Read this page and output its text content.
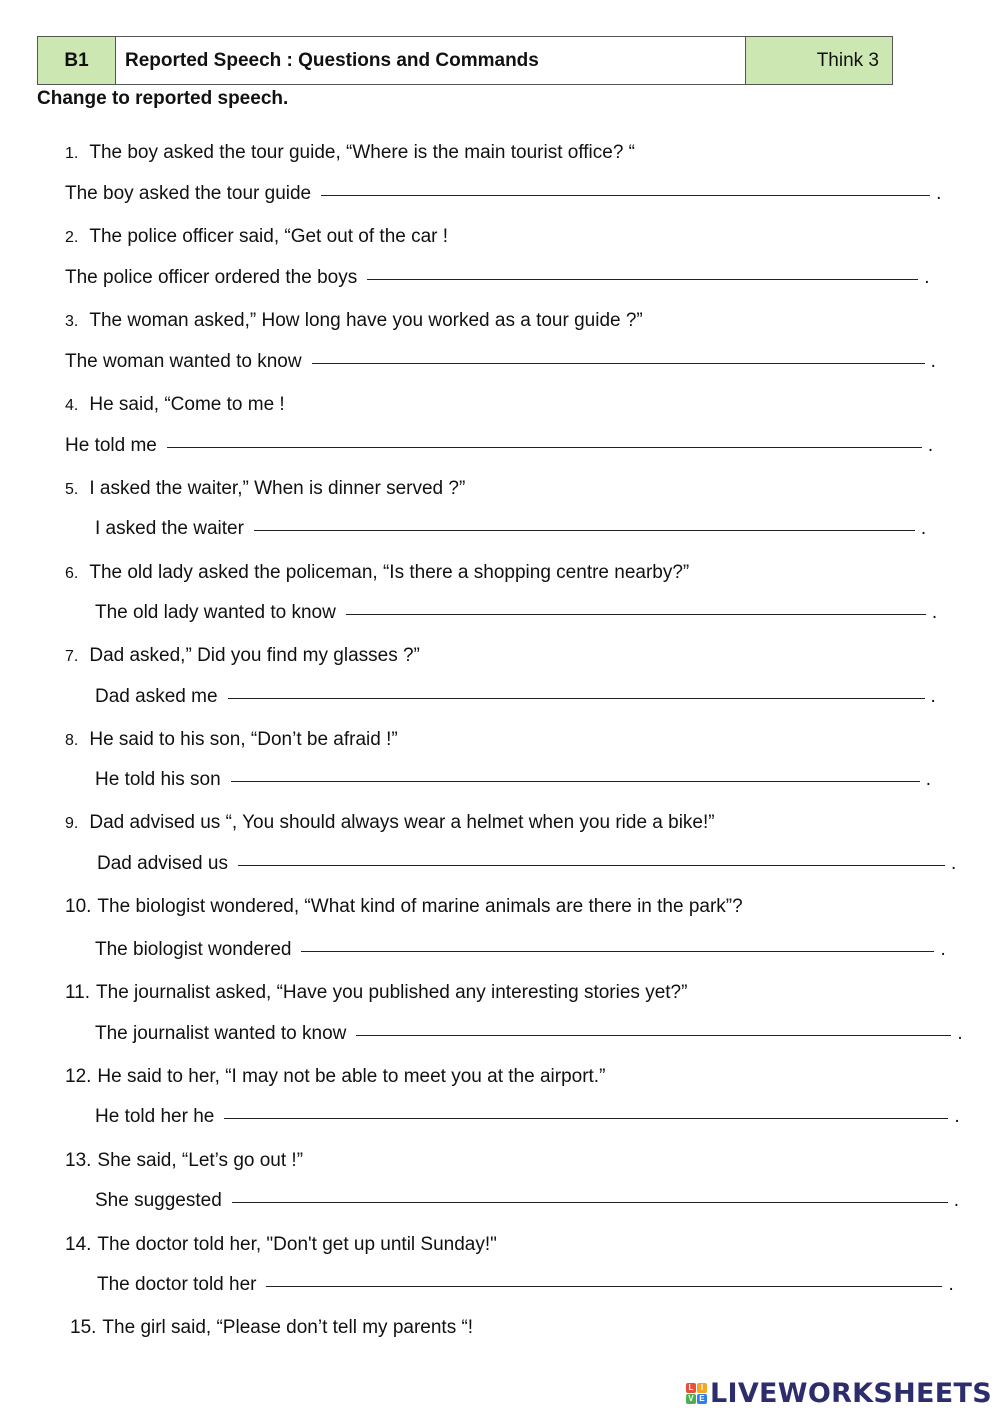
B1	Reported Speech : Questions and Commands	Think 3
Change to reported speech.
1. The boy asked the tour guide, “Where is the main tourist office? “
The boy asked the tour guide	.
2. The police officer said, “Get out of the car !
The police officer ordered the boys	.
3. The woman asked,” How long have you worked as a tour guide ?”
The woman wanted to know	.
4. He said, “Come to me !
He told me	.
5. I asked the waiter,” When is dinner served ?”
I asked the waiter	.
6. The old lady asked the policeman, “Is there a shopping centre nearby?”
The old lady wanted to know	.
7. Dad asked,” Did you find my glasses ?”
Dad asked me	.
8. He said to his son, “Don’t be afraid !”
He told his son	.
9. Dad advised us “, You should always wear a helmet when you ride a bike!”
Dad advised us	.
10. The biologist wondered, “What kind of marine animals are there in the park”?
The biologist wondered	.
11. The journalist asked, “Have you published any interesting stories yet?”
The journalist wanted to know	.
12. He said to her, “I may not be able to meet you at the airport.”
He told her he	.
13. She said, “Let’s go out !”
She suggested	.
14. The doctor told her, "Don't get up until Sunday!"
The doctor told her	.
15. The girl said, “Please don’t tell my parents “!
L I
V E LIVEWORKSHEETS
